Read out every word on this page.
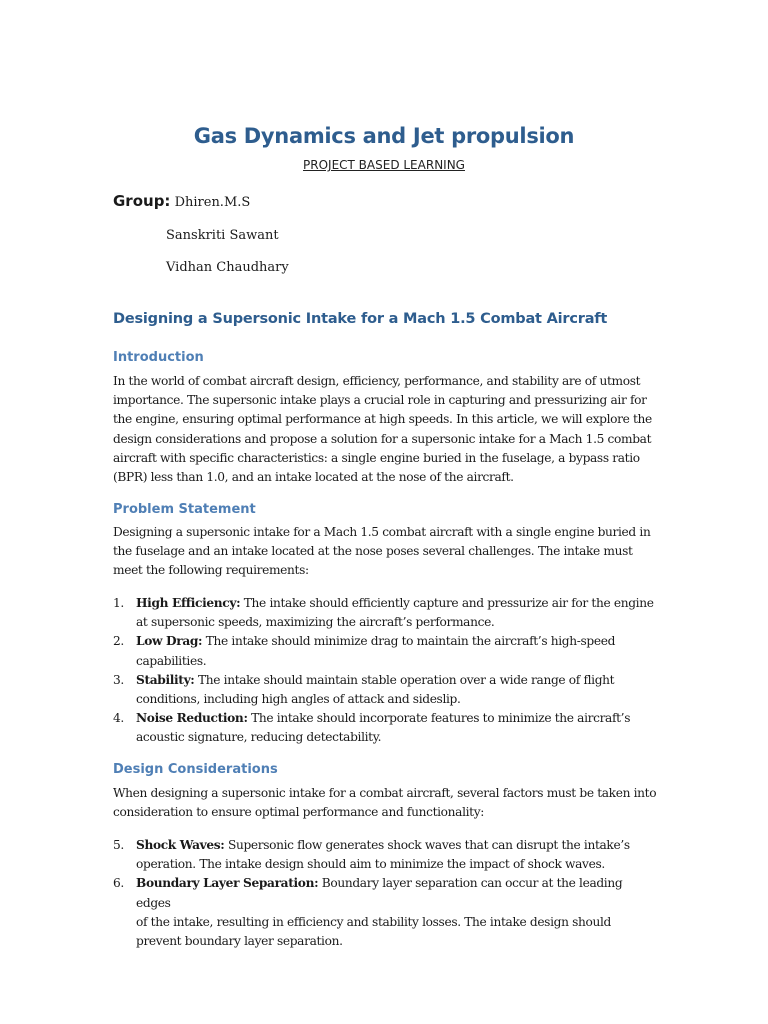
Gas Dynamics and Jet propulsion
PROJECT BASED LEARNING
Group: Dhiren.M.S
Sanskriti Sawant
Vidhan Chaudhary
Designing a Supersonic Intake for a Mach 1.5 Combat Aircraft
Introduction

In the world of combat aircraft design, efficiency, performance, and stability are of utmost
importance. The supersonic intake plays a crucial role in capturing and pressurizing air for
the engine, ensuring optimal performance at high speeds. In this article, we will explore the
design considerations and propose a solution for a supersonic intake for a Mach 1.5 combat
aircraft with specific characteristics: a single engine buried in the fuselage, a bypass ratio
(BPR) less than 1.0, and an intake located at the nose of the aircraft.

Problem Statement

Designing a supersonic intake for a Mach 1.5 combat aircraft with a single engine buried in
the fuselage and an intake located at the nose poses several challenges. The intake must
meet the following requirements:

1. High Efficiency: The intake should efficiently capture and pressurize air for the engine
at supersonic speeds, maximizing the aircraft’s performance.
2. Low Drag: The intake should minimize drag to maintain the aircraft’s high-speed
capabilities.
3. Stability: The intake should maintain stable operation over a wide range of flight
conditions, including high angles of attack and sideslip.
4. Noise Reduction: The intake should incorporate features to minimize the aircraft’s
acoustic signature, reducing detectability.
Design Considerations

When designing a supersonic intake for a combat aircraft, several factors must be taken into
consideration to ensure optimal performance and functionality:

5. Shock Waves: Supersonic flow generates shock waves that can disrupt the intake’s
operation. The intake design should aim to minimize the impact of shock waves.
6. Boundary Layer Separation: Boundary layer separation can occur at the leading edges
of the intake, resulting in efficiency and stability losses. The intake design should
prevent boundary layer separation.
